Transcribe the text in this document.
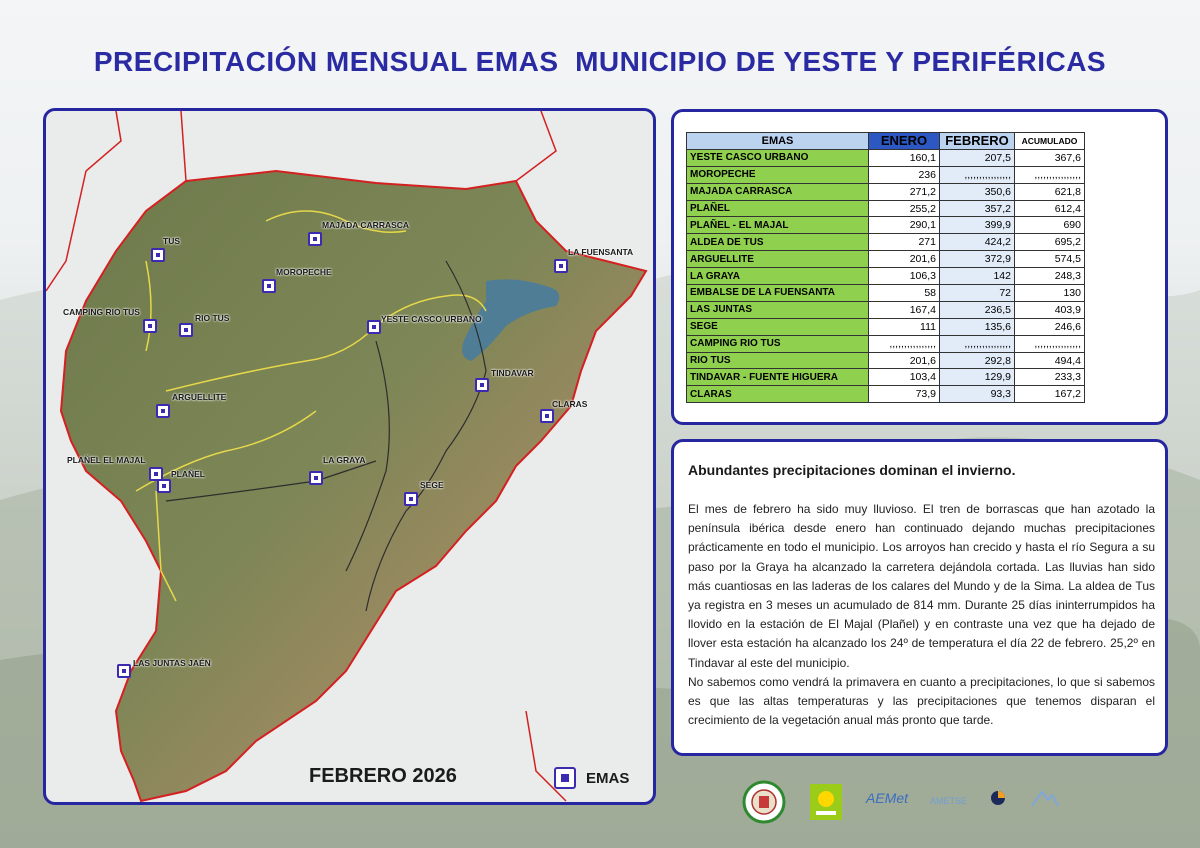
PRECIPITACIÓN MENSUAL EMAS  MUNICIPIO DE YESTE Y PERIFÉRICAS
TUS
MAJADA CARRASCA
LA FUENSANTA
MOROPECHE
CAMPING RIO TUS
RIO TUS	YESTE CASCO URBANO
TINDAVAR
CLARAS
ARGUELLITE
PLAÑEL EL MAJAL
PLAÑEL
LA GRAYA
SEGE
LAS JUNTAS JAÉN
FEBRERO 2026	EMAS
EMAS	ENERO	FEBRERO	ACUMULADO
YESTE CASCO URBANO	160,1	207,5	367,6
MOROPECHE	236	,,,,,,,,,,,,,,,,	,,,,,,,,,,,,,,,,
MAJADA CARRASCA	271,2	350,6	621,8
PLAÑEL	255,2	357,2	612,4
PLAÑEL - EL MAJAL	290,1	399,9	690
ALDEA DE TUS	271	424,2	695,2
ARGUELLITE	201,6	372,9	574,5
LA GRAYA	106,3	142	248,3
EMBALSE DE LA FUENSANTA	58	72	130
LAS JUNTAS	167,4	236,5	403,9
SEGE	111	135,6	246,6
CAMPING RIO TUS	,,,,,,,,,,,,,,,,	,,,,,,,,,,,,,,,,	,,,,,,,,,,,,,,,,
RIO TUS	201,6	292,8	494,4
TINDAVAR - FUENTE HIGUERA	103,4	129,9	233,3
CLARAS	73,9	93,3	167,2
Abundantes precipitaciones dominan el invierno.

El mes de febrero ha sido muy lluvioso. El tren de borrascas que han azotado la península ibérica desde enero han continuado dejando muchas precipitaciones prácticamente en todo el municipio. Los arroyos han crecido y hasta el río Segura a su paso por la Graya ha alcanzado la carretera dejándola cortada. Las lluvias han sido más cuantiosas en las laderas de los calares del Mundo y de la Sima. La aldea de Tus ya registra en 3 meses un acumulado de 814 mm. Durante 25 días ininterrumpidos ha llovido en la estación de El Majal (Plañel) y en contraste una vez que ha dejado de llover esta estación ha alcanzado los 24º de temperatura el día 22 de febrero. 25,2º en Tindavar al este del municipio.

No sabemos como vendrá la primavera en cuanto a precipitaciones, lo que si sabemos es que las altas temperaturas y las precipitaciones que tenemos disparan el crecimiento de la vegetación anual más pronto que tarde.

AEMet AMETSE
